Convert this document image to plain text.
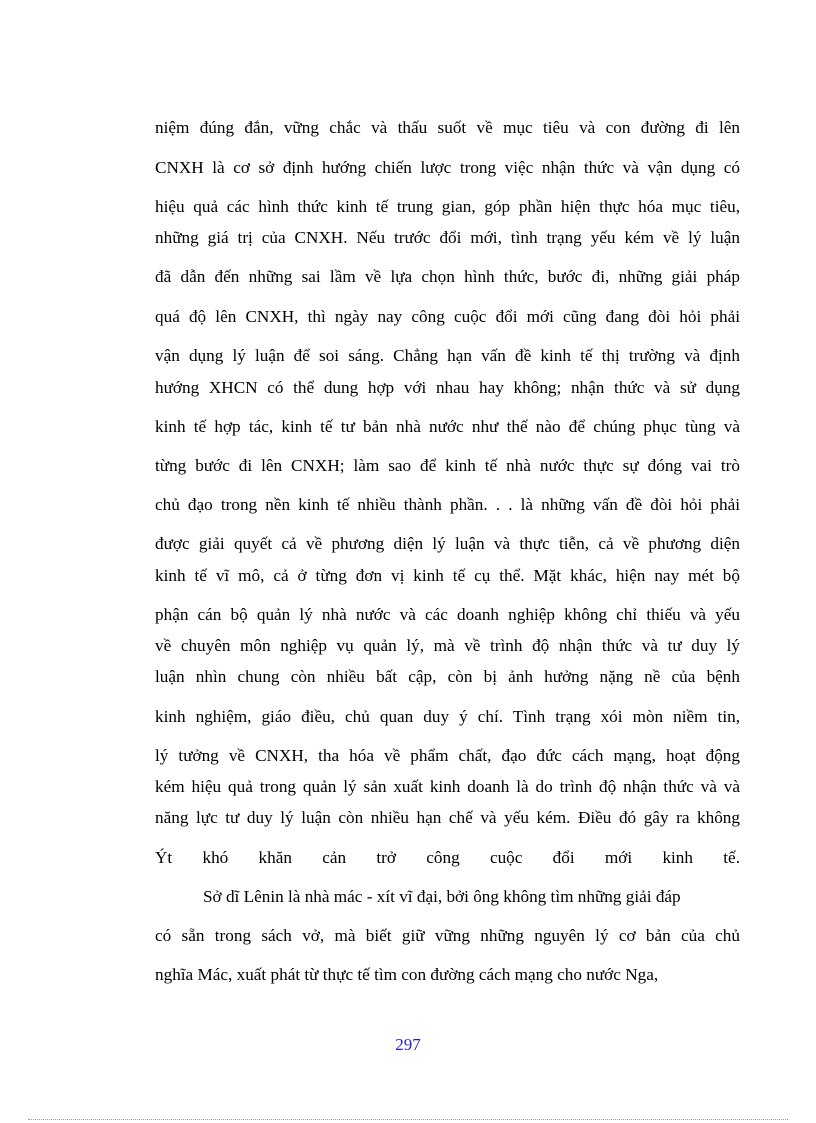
niệm đúng đắn, vững chắc và thấu suốt về mục tiêu và con đường đi lên
CNXH là cơ sở định hướng chiến lược trong việc nhận thức và vận dụng có
hiệu quả các hình thức kinh tế trung gian, góp phần hiện thực hóa mục tiêu,
những giá trị của CNXH. Nếu trước đổi mới, tình trạng yếu kém về lý luận
đã dẫn đến những sai lầm về lựa chọn hình thức, bước đi, những giải pháp
quá độ lên CNXH, thì ngày nay công cuộc đổi mới cũng đang đòi hỏi phải
vận dụng lý luận để soi sáng. Chẳng hạn vấn đề kinh tế thị trường và định
hướng XHCN có thể dung hợp với nhau hay không; nhận thức và sử dụng
kinh tế hợp tác, kinh tế tư bản nhà nước như thế nào để chúng phục tùng và
từng bước đi lên CNXH; làm sao để kinh tế nhà nước thực sự đóng vai trò
chủ đạo trong nền kinh tế nhiều thành phần. . . là những vấn đề đòi hỏi phải
được giải quyết cả về phương diện lý luận và thực tiễn, cả về phương diện
kinh tế vĩ mô, cả ở từng đơn vị kinh tế cụ thể. Mặt khác, hiện nay mét bộ
phận cán bộ quản lý nhà nước và các doanh nghiệp không chỉ thiếu và yếu
về chuyên môn nghiệp vụ quản lý, mà về trình độ nhận thức và tư duy lý
luận nhìn chung còn nhiều bất cập, còn bị ảnh hưởng nặng nề của bệnh
kinh nghiệm, giáo điều, chủ quan duy ý chí. Tình trạng xói mòn niềm tin,
lý tưởng về CNXH, tha hóa về phẩm chất, đạo đức cách mạng, hoạt động
kém hiệu quả trong quản lý sản xuất kinh doanh là do trình độ nhận thức và và
năng lực tư duy lý luận còn nhiều hạn chế và yếu kém. Điều đó gây ra không
Ýt khó khăn cản trở công cuộc đổi mới kinh tế.
Sở dĩ Lênin là nhà mác - xít vĩ đại, bởi ông không tìm những giải đáp
có sẵn trong sách vở, mà biết giữ vững những nguyên lý cơ bản của chủ
nghĩa Mác, xuất phát từ thực tế tìm con đường cách mạng cho nước Nga,
297
